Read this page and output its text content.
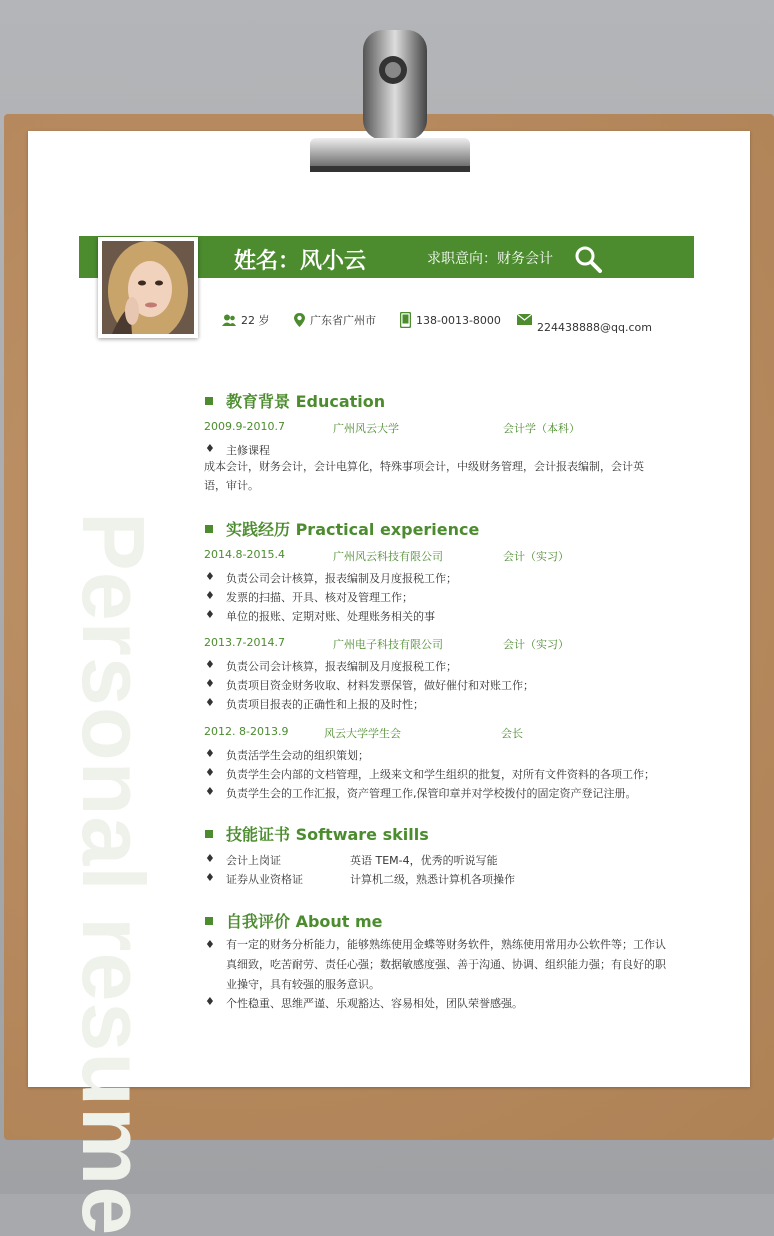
Personal resume
姓名：风小云	求职意向：财务会计
22 岁	广东省广州市	138-0013-8000
224438888@qq.com
教育背景 Education
2009.9-2010.7	广州风云大学	会计学（本科）
♦ 主修课程
成本会计，财务会计，会计电算化，特殊事项会计，中级财务管理，会计报表编制，会计英语，审计。
实践经历 Practical experience
2014.8-2015.4	广州风云科技有限公司	会计（实习）
♦ 负责公司会计核算，报表编制及月度报税工作；
♦ 发票的扫描、开具、核对及管理工作；
♦ 单位的报账、定期对账、处理账务相关的事
2013.7-2014.7	广州电子科技有限公司	会计（实习）
♦ 负责公司会计核算，报表编制及月度报税工作；
♦ 负责项目资金财务收取、材料发票保管，做好催付和对账工作；
♦ 负责项目报表的正确性和上报的及时性；
2012. 8-2013.9	风云大学学生会	会长
♦ 负责活学生会动的组织策划；
♦ 负责学生会内部的文档管理，上级来文和学生组织的批复，对所有文件资料的各项工作；
♦ 负责学生会的工作汇报，资产管理工作,保管印章并对学校拨付的固定资产登记注册。
技能证书 Software skills
♦ 会计上岗证	英语 TEM-4，优秀的听说写能
♦ 证券从业资格证	计算机二级，熟悉计算机各项操作
自我评价 About me
♦ 有一定的财务分析能力，能够熟练使用金蝶等财务软件，熟练使用常用办公软件等；工作认真细致，吃苦耐劳、责任心强；数据敏感度强、善于沟通、协调、组织能力强；有良好的职业操守，具有较强的服务意识。
♦ 个性稳重、思维严谨、乐观豁达、容易相处，团队荣誉感强。
